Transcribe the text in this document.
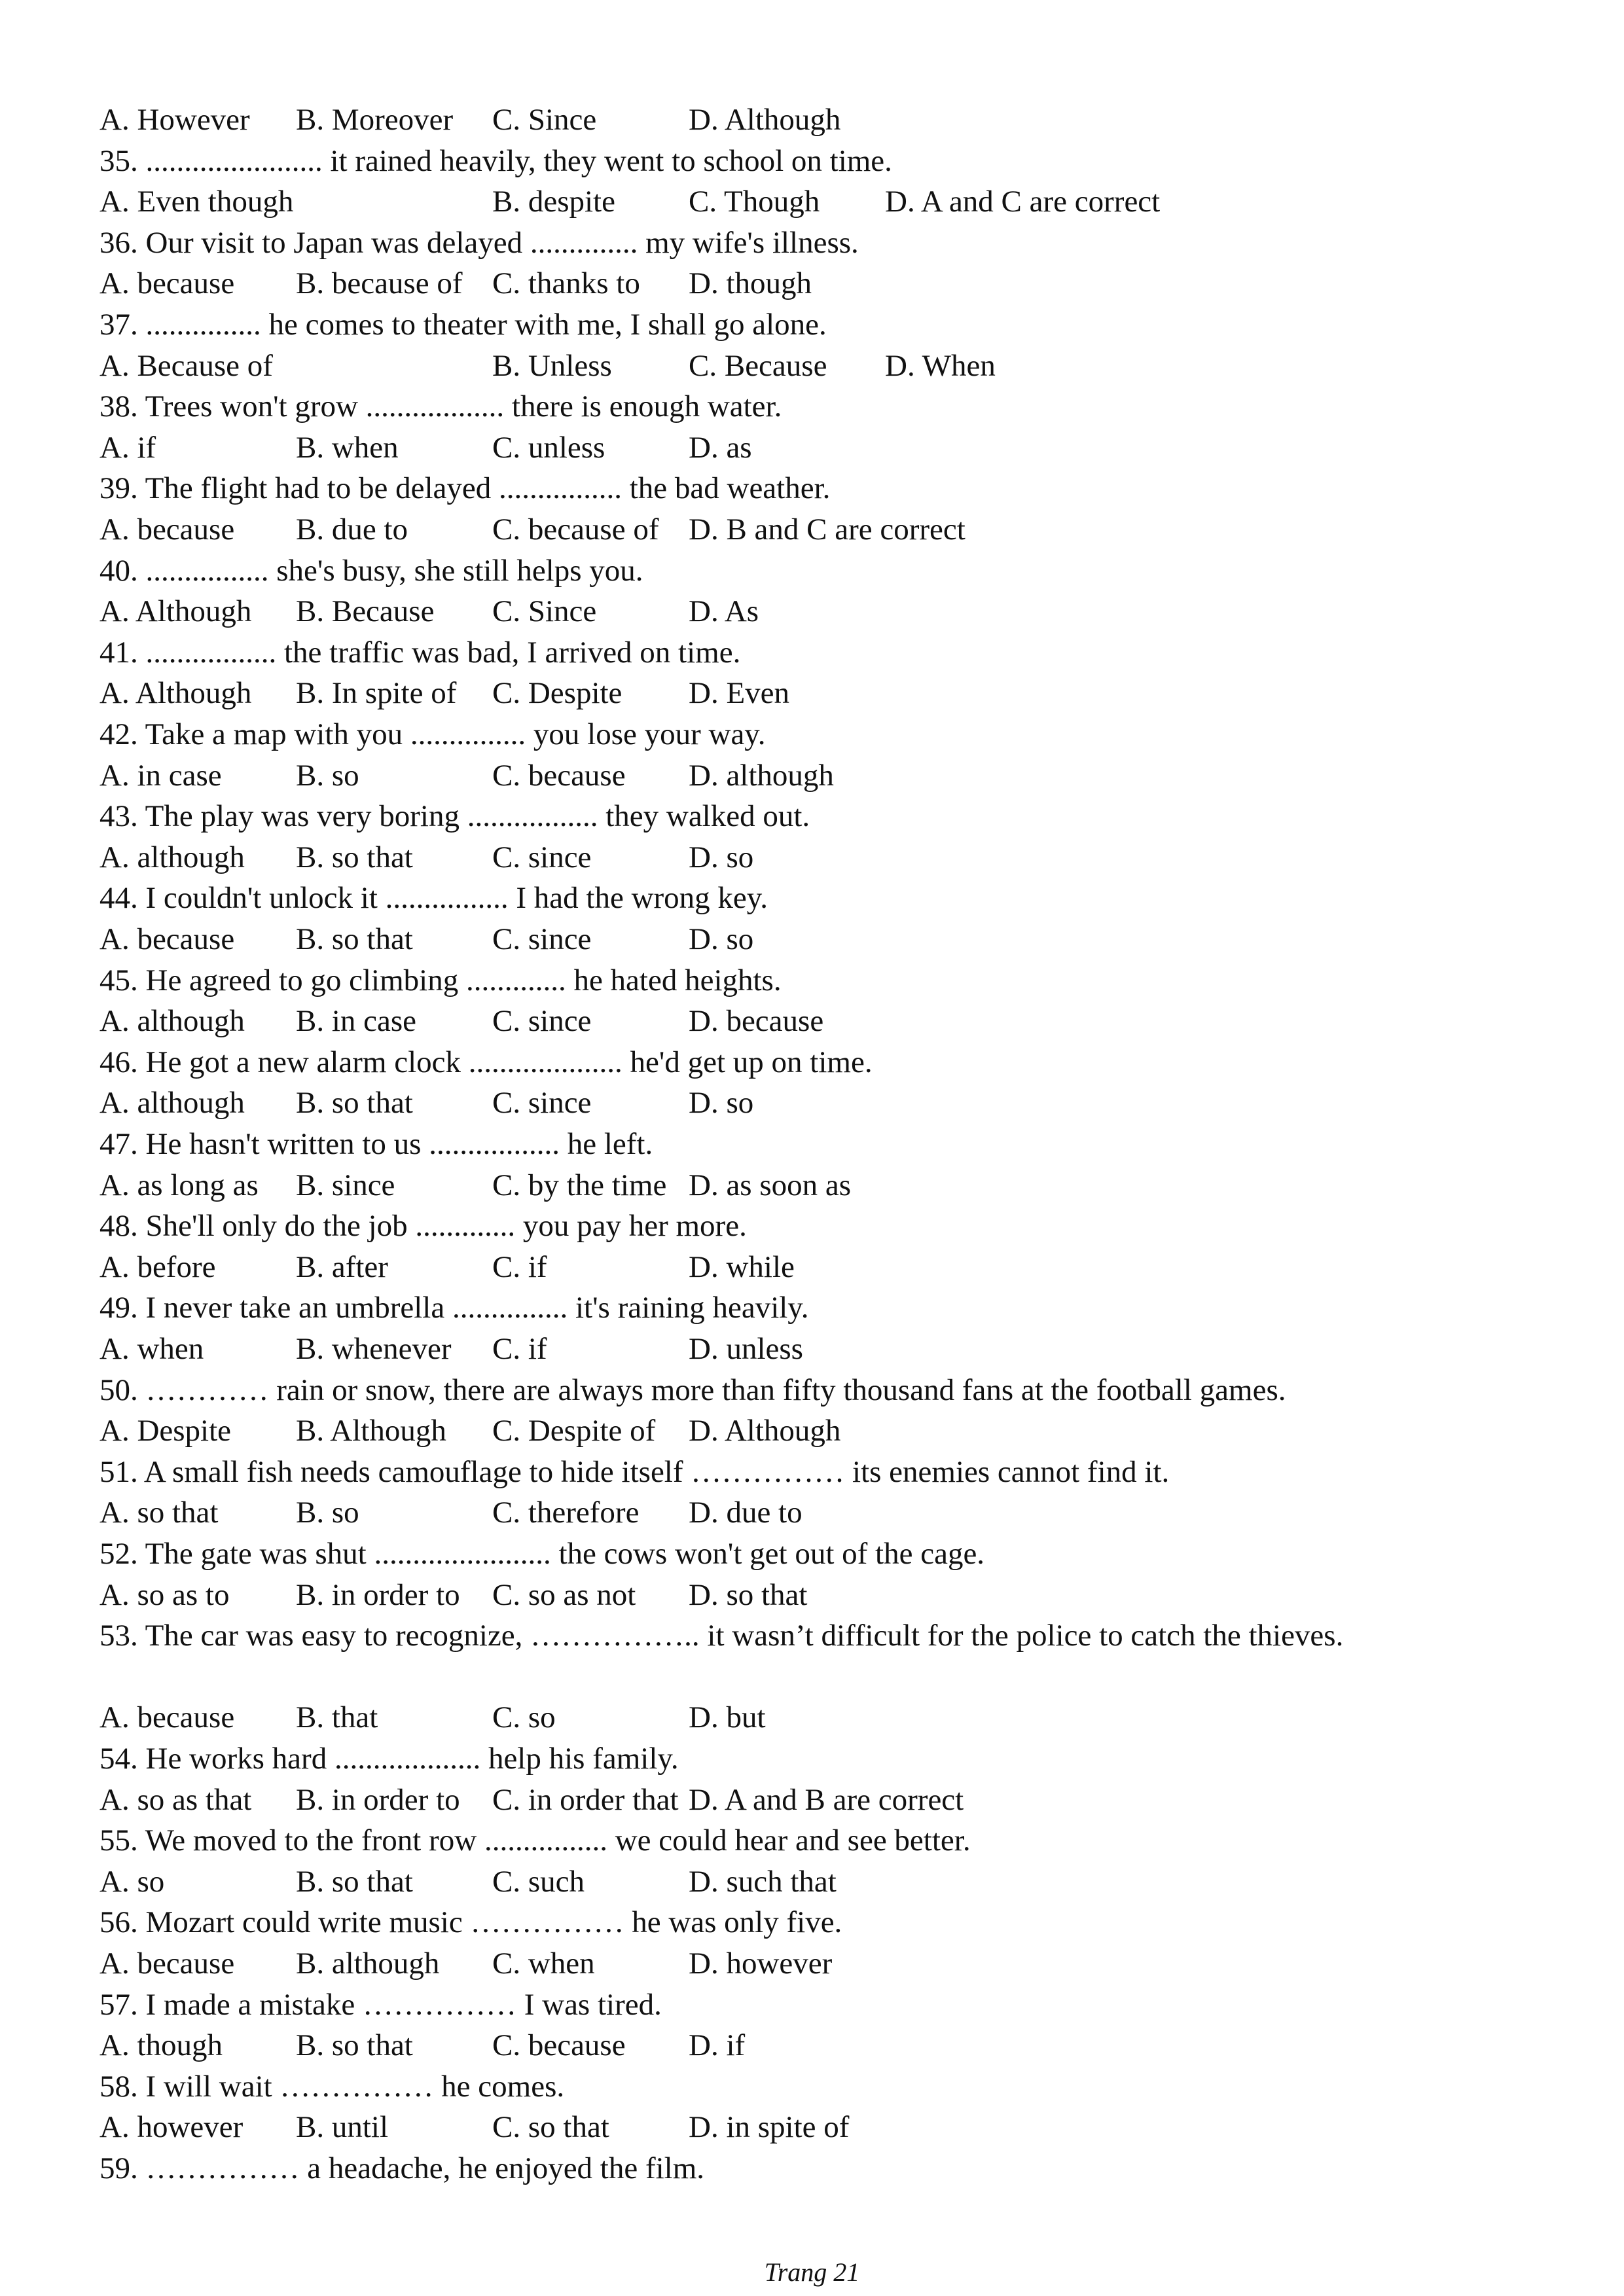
A. However B. Moreover C. Since	D. Although
35. ....................... it rained heavily, they went to school on time.
A. Even though	B. despite C. Though D. A and C are correct
36. Our visit to Japan was delayed .............. my wife's illness.
A. because B. because of C. thanks to D. though
37. ............... he comes to theater with me, I shall go alone.
A. Because of	B. Unless C. Because D. When
38. Trees won't grow .................. there is enough water.
A. if	B. when	C. unless	D. as
39. The flight had to be delayed ................ the bad weather.
A. because B. due to	C. because of D. B and C are correct
40. ................ she's busy, she still helps you.
A. Although B. Because C. Since	D. As
41. ................. the traffic was bad, I arrived on time.
A. Although B. In spite of C. Despite D. Even
42. Take a map with you ............... you lose your way.
A. in case B. so	C. because D. although
43. The play was very boring ................. they walked out.
A. although B. so that	C. since	D. so
44. I couldn't unlock it ................ I had the wrong key.
A. because B. so that	C. since	D. so
45. He agreed to go climbing ............. he hated heights.
A. although B. in case C. since	D. because
46. He got a new alarm clock .................... he'd get up on time.
A. although B. so that	C. since	D. so
47. He hasn't written to us ................. he left.
A. as long as B. since	C. by the time D. as soon as
48. She'll only do the job ............. you pay her more.
A. before	B. after	C. if	D. while
49. I never take an umbrella ............... it's raining heavily.
A. when	B. whenever C. if	D. unless
50. ………… rain or snow, there are always more than fifty thousand fans at the football games.
A. Despite B. Although C. Despite of D. Although
51. A small fish needs camouflage to hide itself …………… its enemies cannot find it.
A. so that	B. so	C. therefore D. due to
52. The gate was shut ....................... the cows won't get out of the cage.
A. so as to B. in order to C. so as not D. so that
53. The car was easy to recognize, …………….. it wasn’t difficult for the police to catch the thieves.
A. because B. that	C. so	D. but
54. He works hard ................... help his family.
A. so as that B. in order to C. in order that D. A and B are correct
55. We moved to the front row ................ we could hear and see better.
A. so	B. so that	C. such	D. such that
56. Mozart could write music …………… he was only five.
A. because B. although C. when	D. however
57. I made a mistake …………… I was tired.
A. though B. so that	C. because D. if
58. I will wait …………… he comes.
A. however B. until	C. so that	D. in spite of
59. …………… a headache, he enjoyed the film.
Trang 21
